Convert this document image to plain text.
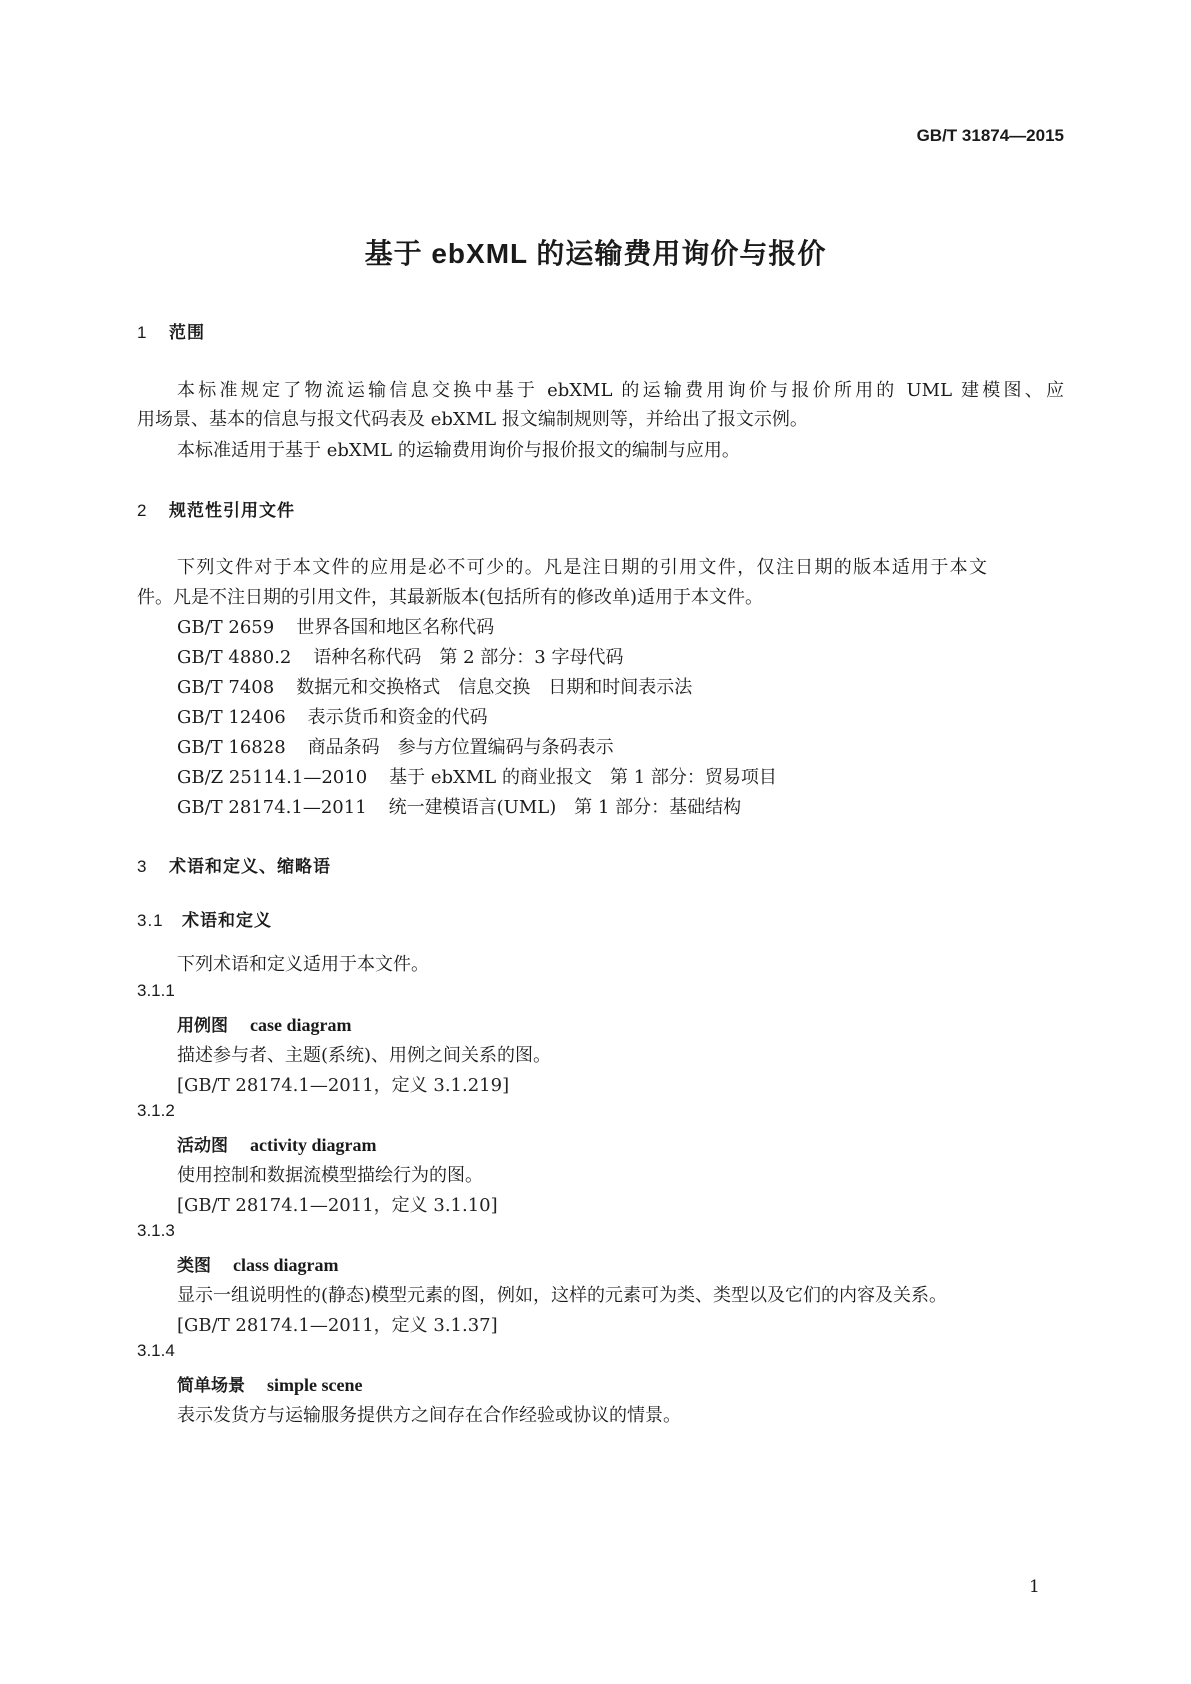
GB/T 31874—2015
基于 ebXML 的运输费用询价与报价
1 范围
本标准规定了物流运输信息交换中基于 ebXML 的运输费用询价与报价所用的 UML 建模图、应
用场景、基本的信息与报文代码表及 ebXML 报文编制规则等，并给出了报文示例。
本标准适用于基于 ebXML 的运输费用询价与报价报文的编制与应用。
2 规范性引用文件
下列文件对于本文件的应用是必不可少的。凡是注日期的引用文件，仅注日期的版本适用于本文
件。凡是不注日期的引用文件，其最新版本(包括所有的修改单)适用于本文件。
GB/T 2659 世界各国和地区名称代码
GB/T 4880.2 语种名称代码　第 2 部分：3 字母代码
GB/T 7408 数据元和交换格式　信息交换　日期和时间表示法
GB/T 12406 表示货币和资金的代码
GB/T 16828 商品条码　参与方位置编码与条码表示
GB/Z 25114.1—2010 基于 ebXML 的商业报文　第 1 部分：贸易项目
GB/T 28174.1—2011 统一建模语言(UML)　第 1 部分：基础结构
3 术语和定义、缩略语
3.1 术语和定义
下列术语和定义适用于本文件。
3.1.1
用例图 case diagram
描述参与者、主题(系统)、用例之间关系的图。
[GB/T 28174.1—2011，定义 3.1.219]
3.1.2
活动图 activity diagram
使用控制和数据流模型描绘行为的图。
[GB/T 28174.1—2011，定义 3.1.10]
3.1.3
类图 class diagram
显示一组说明性的(静态)模型元素的图，例如，这样的元素可为类、类型以及它们的内容及关系。
[GB/T 28174.1—2011，定义 3.1.37]
3.1.4
简单场景 simple scene
表示发货方与运输服务提供方之间存在合作经验或协议的情景。
1
